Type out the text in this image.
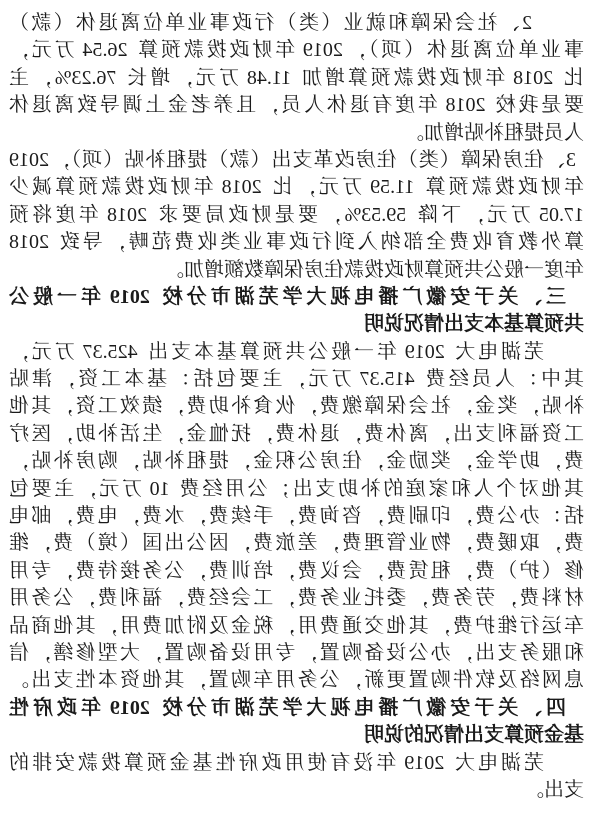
2、社会保障和就业（类）行政事业单位离退休（款）
事业单位离退休（项），2019 年财政拨款预算 26.54 万元，
比 2018 年财政拨款预算增加 11.48 万元，增长 76.23%，主
要是我校 2018 年度有退休人员，且养老金上调导致离退休
人员提租补贴增加。
3、住房保障（类）住房改革支出（款）提租补贴（项），2019
年财政拨款预算 11.59 万元，比 2018 年财政拨款预算减少
17.05 万元，下降 59.53%，要是财政局要求 2018 年度将预
算外教育收费全部纳入到行政事业类收费范畴，导致 2018
年度一般公共预算财政拨款住房保障数额增加。
三、关于安徽广播电视大学芜湖市分校 2019 年一般公
共预算基本支出情况说明
芜湖电大 2019 年一般公共预算基本支出 425.37 万元，
其中：人员经费 415.37 万元，主要包括：基本工资，津贴
补贴，奖金，社会保障缴费，伙食补助费，绩效工资，其他
工资福利支出，离休费，退休费，抚恤金，生活补助，医疗
费，助学金，奖励金，住房公积金，提租补贴，购房补贴，
其他对个人和家庭的补助支出；公用经费 10 万元，主要包
括：办公费，印刷费，咨询费，手续费，水费，电费，邮电
费，取暖费，物业管理费，差旅费，因公出国（境）费，维
修（护）费，租赁费，会议费，培训费，公务接待费，专用
材料费，劳务费，委托业务费，工会经费，福利费，公务用
车运行维护费，其他交通费用，税金及附加费用，其他商品
和服务支出，办公设备购置，专用设备购置，大型修缮，信
息网络及软件购置更新，公务用车购置，其他资本性支出。
四、关于安徽广播电视大学芜湖市分校 2019 年政府性
基金预算支出情况的说明
芜湖电大 2019 年没有使用政府性基金预算拨款安排的
支出。
